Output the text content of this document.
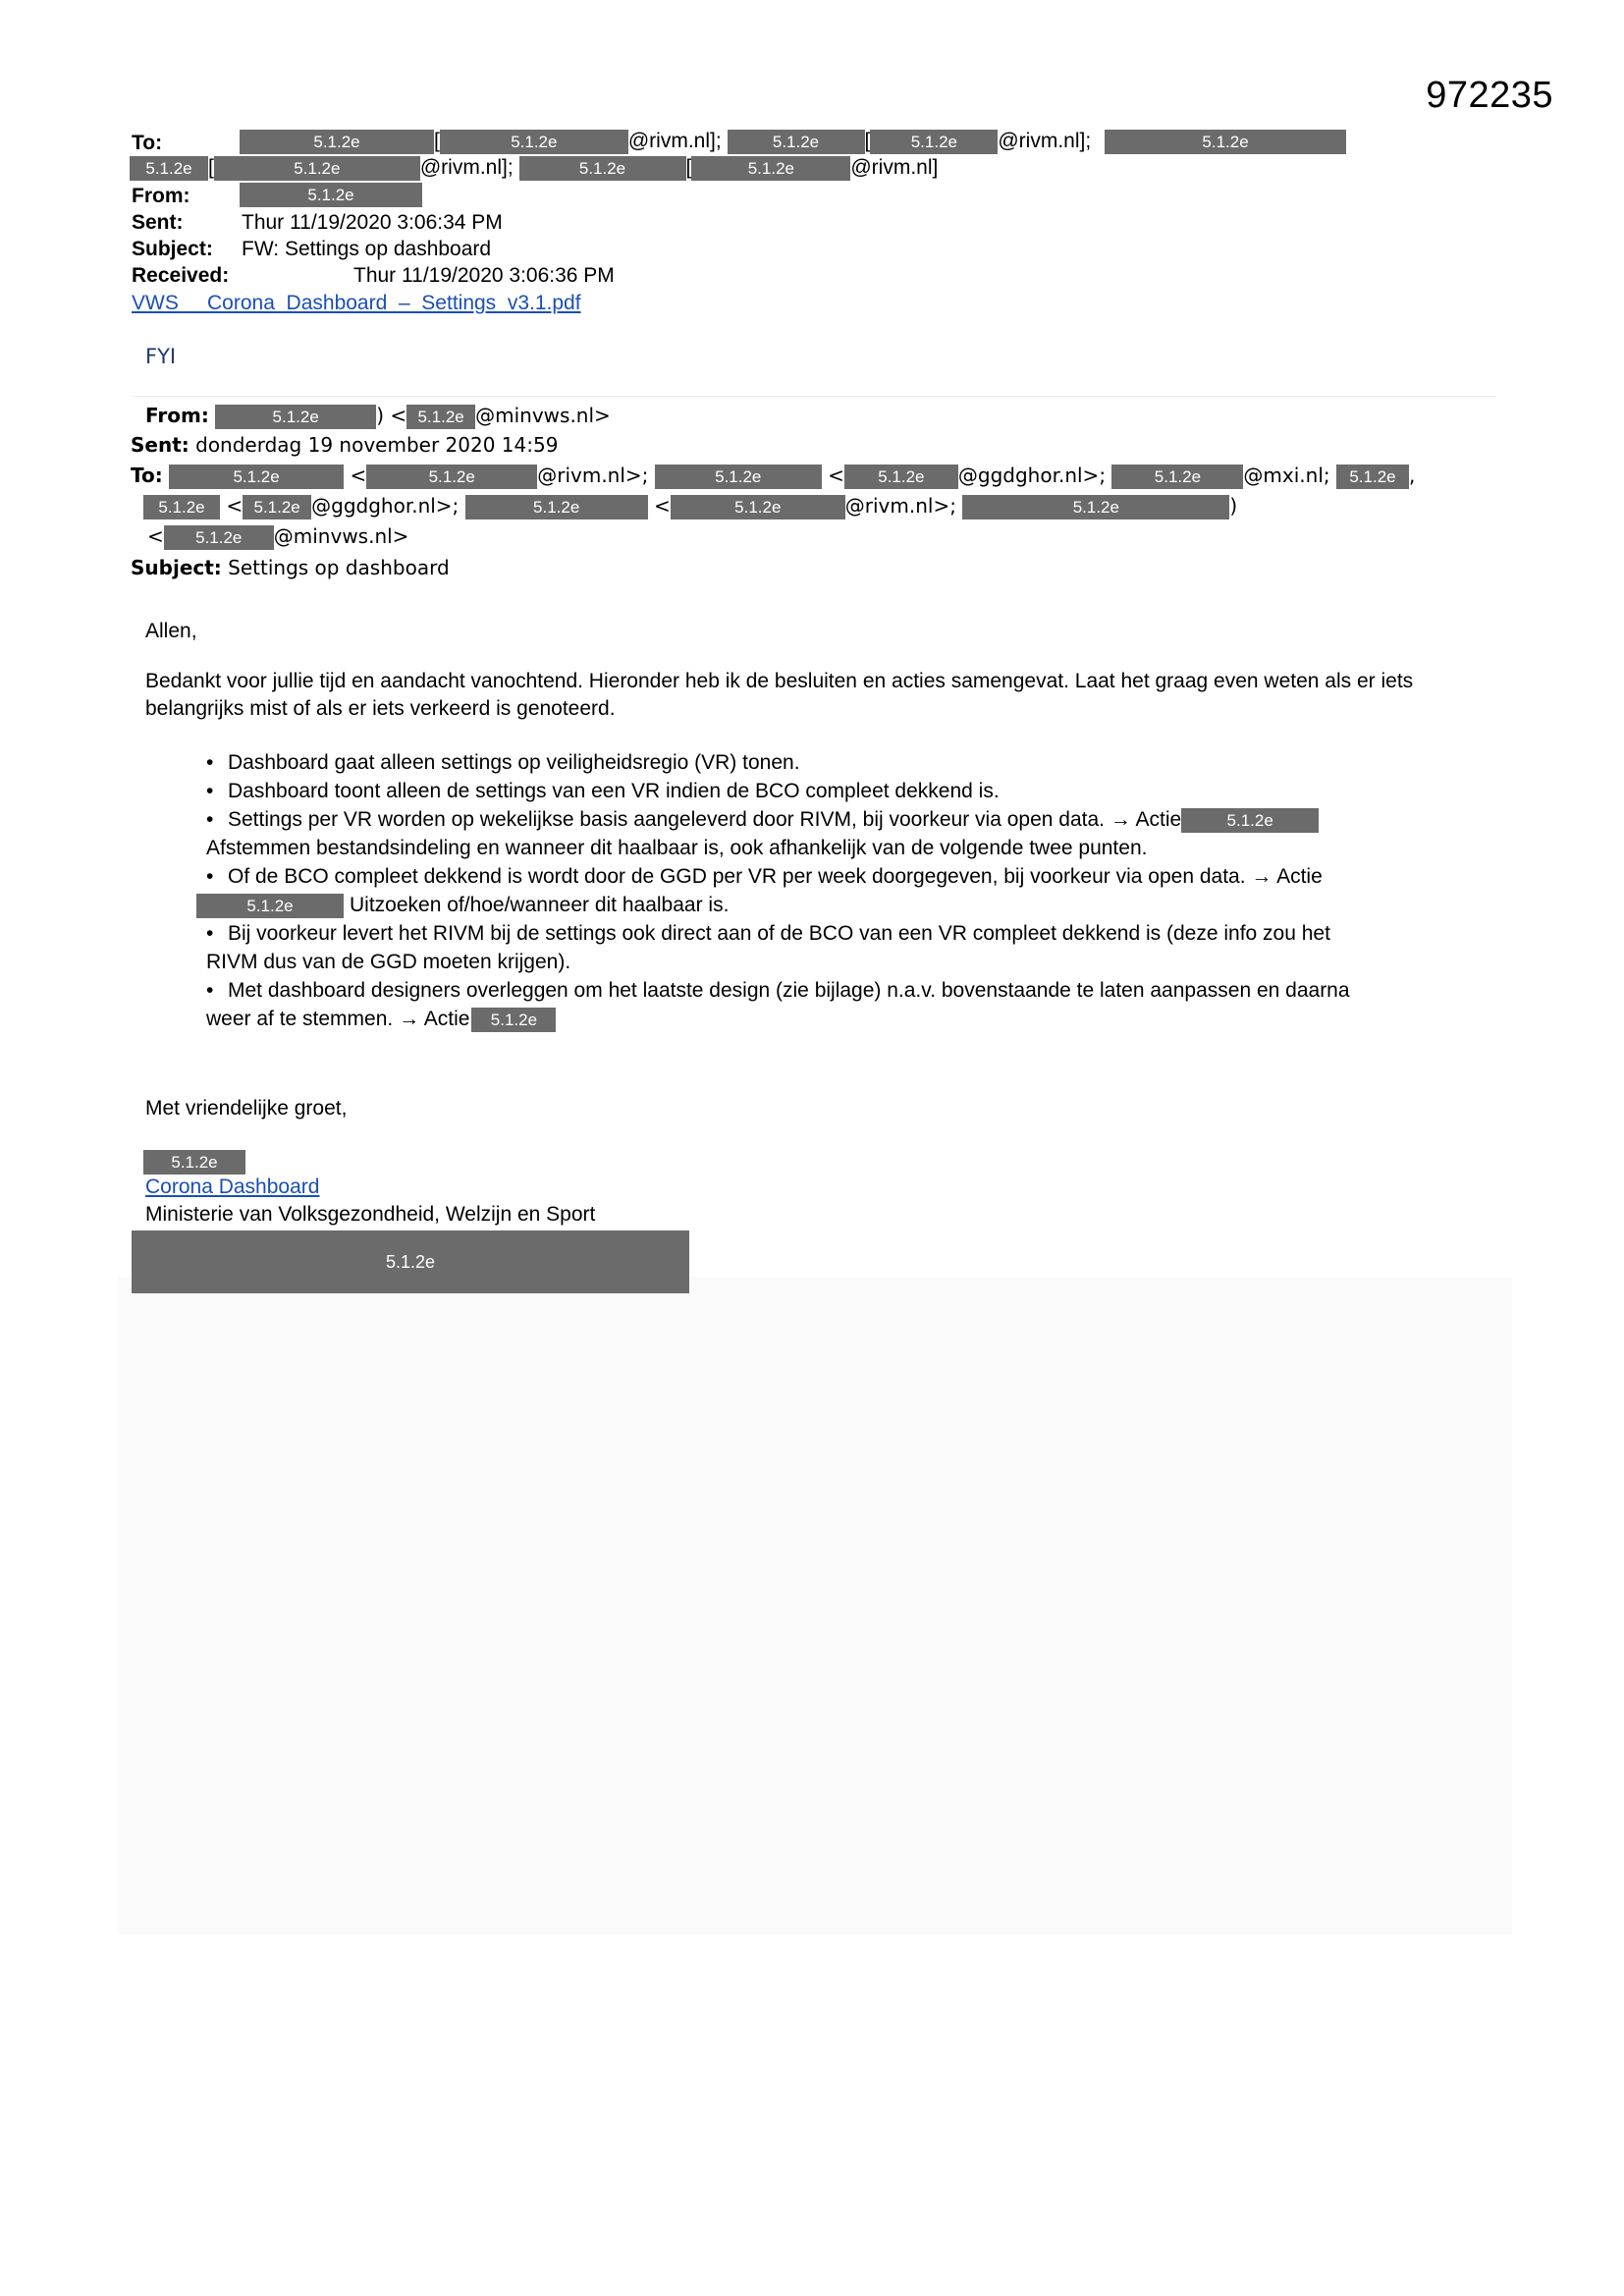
972235
To:	5.1.2e	[	5.1.2e	@rivm.nl];	5.1.2e [ 5.1.2e @rivm.nl];	5.1.2e
5.1.2e [	5.1.2e	@rivm.nl];	5.1.2e	[	5.1.2e	@rivm.nl]
From:	5.1.2e
Sent:	Thur 11/19/2020 3:06:34 PM
Subject: FW: Settings op dashboard
Received:	Thur 11/19/2020 3:06:36 PM
VWS     Corona  Dashboard  –  Settings  v3.1.pdf
FYI
From:	5.1.2e	) < 5.1.2e @minvws.nl>
Sent: donderdag 19 november 2020 14:59
To:	5.1.2e	<	5.1.2e	@rivm.nl>;	5.1.2e	< 5.1.2e @ggdghor.nl>;	5.1.2e @mxi.nl; 5.1.2e ,
5.1.2e < 5.1.2e @ggdghor.nl>;	5.1.2e	<	5.1.2e	@rivm.nl>;	5.1.2e	)
< 5.1.2e @minvws.nl>
Subject: Settings op dashboard
Allen,
Bedankt voor jullie tijd en aandacht vanochtend. Hieronder heb ik de besluiten en acties samengevat. Laat het graag even weten als er iets belangrijks mist of als er iets verkeerd is genoteerd.
• Dashboard gaat alleen settings op veiligheidsregio (VR) tonen.
• Dashboard toont alleen de settings van een VR indien de BCO compleet dekkend is.
• Settings per VR worden op wekelijkse basis aangeleverd door RIVM, bij voorkeur via open data. → Actie	5.1.2e
Afstemmen bestandsindeling en wanneer dit haalbaar is, ook afhankelijk van de volgende twee punten.
• Of de BCO compleet dekkend is wordt door de GGD per VR per week doorgegeven, bij voorkeur via open data. → Actie
5.1.2e	Uitzoeken of/hoe/wanneer dit haalbaar is.
• Bij voorkeur levert het RIVM bij de settings ook direct aan of de BCO van een VR compleet dekkend is (deze info zou het
RIVM dus van de GGD moeten krijgen).
• Met dashboard designers overleggen om het laatste design (zie bijlage) n.a.v. bovenstaande te laten aanpassen en daarna
weer af te stemmen. → Actie 5.1.2e
Met vriendelijke groet,
5.1.2e
Corona Dashboard
Ministerie van Volksgezondheid, Welzijn en Sport
5.1.2e
